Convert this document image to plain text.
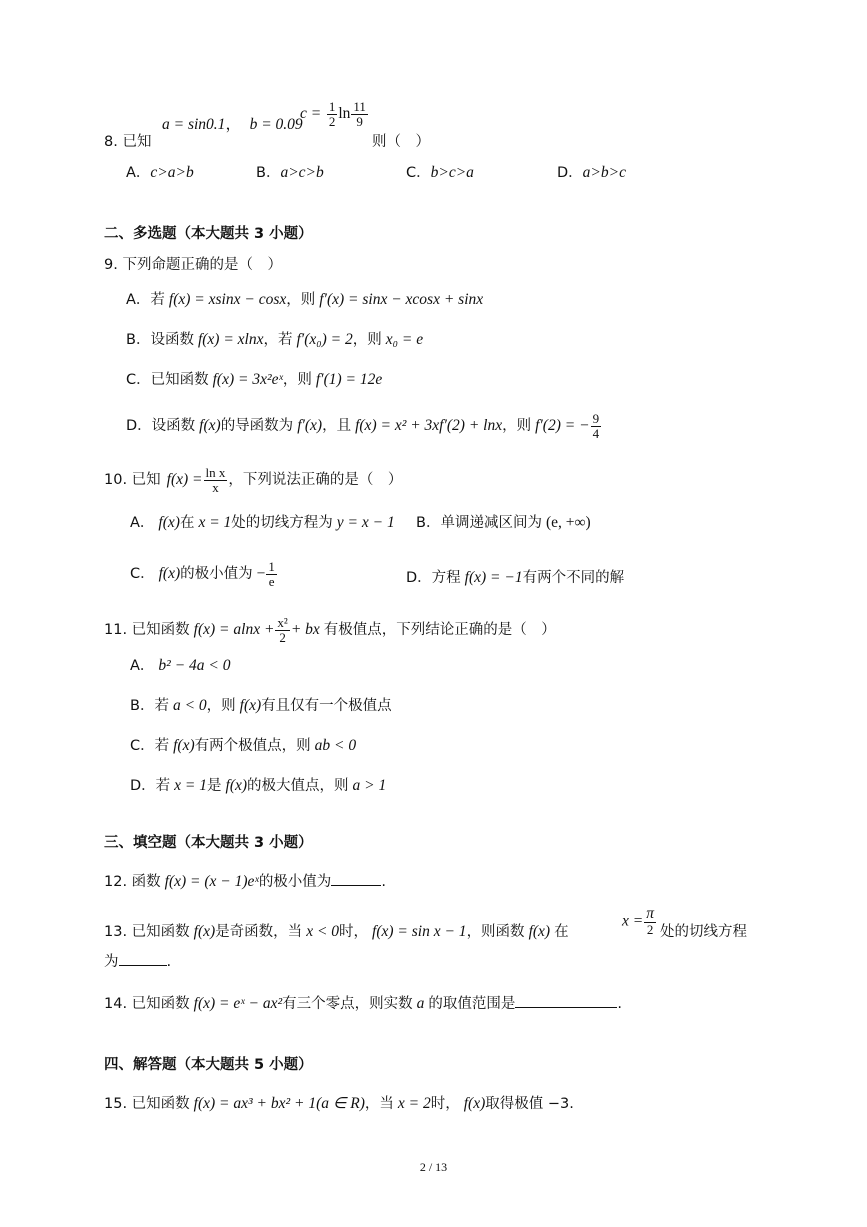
a = sin0.1， b = 0.09
$c = \frac{1}{2}$ $\ln \frac{11}{9}$
8. 已知	则（　）
A．c>a>b	B．a>c>b	C．b>c>a	D．a>b>c
二、多选题（本大题共 3 小题）
9. 下列命题正确的是（　）
A．若 f(x) = xsinx − cosx，则 f′(x) = sinx − xcosx + sinx
B．设函数 f(x) = xlnx，若 f′(x₀) = 2，则 x₀ = e
C．已知函数 f(x) = 3x²eˣ，则 f′(1) = 12e
D．设函数 f(x)的导函数为 f′(x)，且 f(x) = x² + 3xf′(2) + lnx，则 f′(2) = − $\frac{9}{4}$
10. 已知 $f(x) = \frac{\text{ln x}}{x}$ ，下列说法正确的是（　）
A． f(x)在 x = 1处的切线方程为 y = x − 1 B．单调递减区间为 (e, +∞)
C． f(x)的极小值为 − $\frac{1}{e}$	D．方程 f(x) = −1有两个不同的解
11. 已知函数 $f(x) = alnx + \frac{\text{x²}}{2}$ + bx 有极值点，下列结论正确的是（　）
A． b² − 4a < 0
B．若 a < 0，则 f(x)有且仅有一个极值点
C．若 f(x)有两个极值点，则 ab < 0
D．若 x = 1是 f(x)的极大值点，则 a > 1
三、填空题（本大题共 3 小题）
12. 函数 f(x) = (x − 1)eˣ的极小值为	.
13. 已知函数 f(x)是奇函数，当 x < 0时， f(x) = sin x − 1，则函数 f(x) 在
$x = \frac{\pi}{2}$ 处的切线方程
为	.
14. 已知函数 f(x) = eˣ − ax²有三个零点，则实数 a 的取值范围是	.
四、解答题（本大题共 5 小题）
15. 已知函数 f(x) = ax³ + bx² + 1(a ∈ R)，当 x = 2时， f(x)取得极值 −3.
2 / 13
